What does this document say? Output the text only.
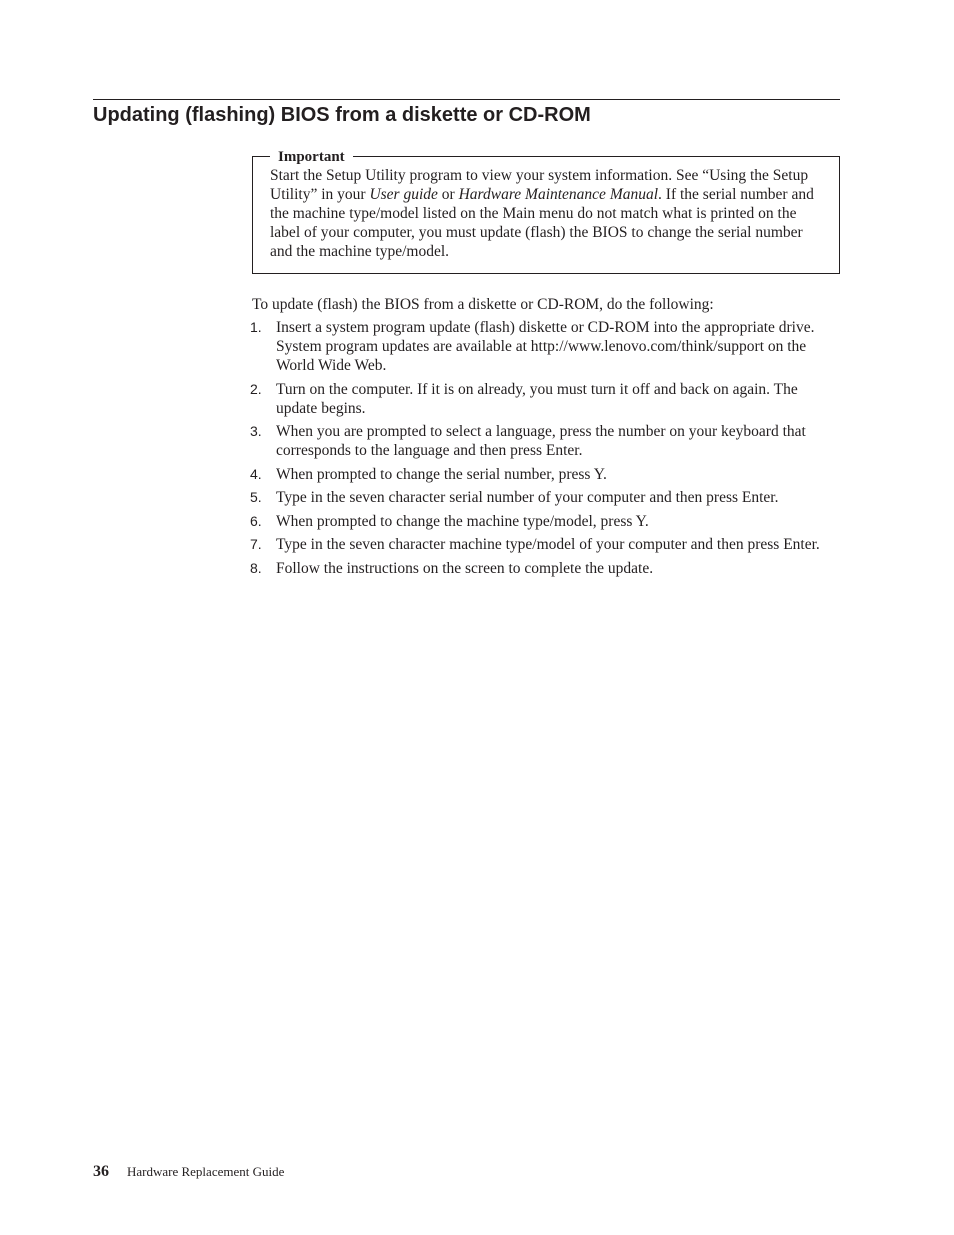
Updating (flashing) BIOS from a diskette or CD-ROM
Important

Start the Setup Utility program to view your system information. See “Using the Setup Utility” in your User guide or Hardware Maintenance Manual. If the serial number and the machine type/model listed on the Main menu do not match what is printed on the label of your computer, you must update (flash) the BIOS to change the serial number and the machine type/model.

To update (flash) the BIOS from a diskette or CD-ROM, do the following:

1. Insert a system program update (flash) diskette or CD-ROM into the appropriate drive. System program updates are available at http://www.lenovo.com/think/support on the World Wide Web.
2. Turn on the computer. If it is on already, you must turn it off and back on again. The update begins.
3. When you are prompted to select a language, press the number on your keyboard that corresponds to the language and then press Enter.
4. When prompted to change the serial number, press Y.
5. Type in the seven character serial number of your computer and then press Enter.
6. When prompted to change the machine type/model, press Y.
7. Type in the seven character machine type/model of your computer and then press Enter.
8. Follow the instructions on the screen to complete the update.
36 Hardware Replacement Guide
